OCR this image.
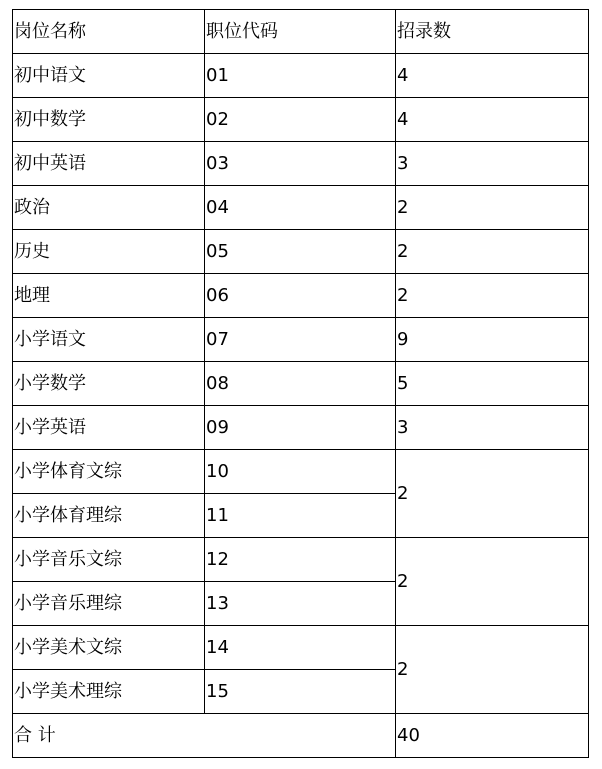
岗位名称	职位代码	招录数
初中语文	01	4
初中数学	02	4
初中英语	03	3
政治	04	2
历史	05	2
地理	06	2
小学语文	07	9
小学数学	08	5
小学英语	09	3
小学体育文综	10	2
小学体育理综	11	
小学音乐文综	12	2
小学音乐理综	13	
小学美术文综	14	2
小学美术理综	15	
合 计		40
